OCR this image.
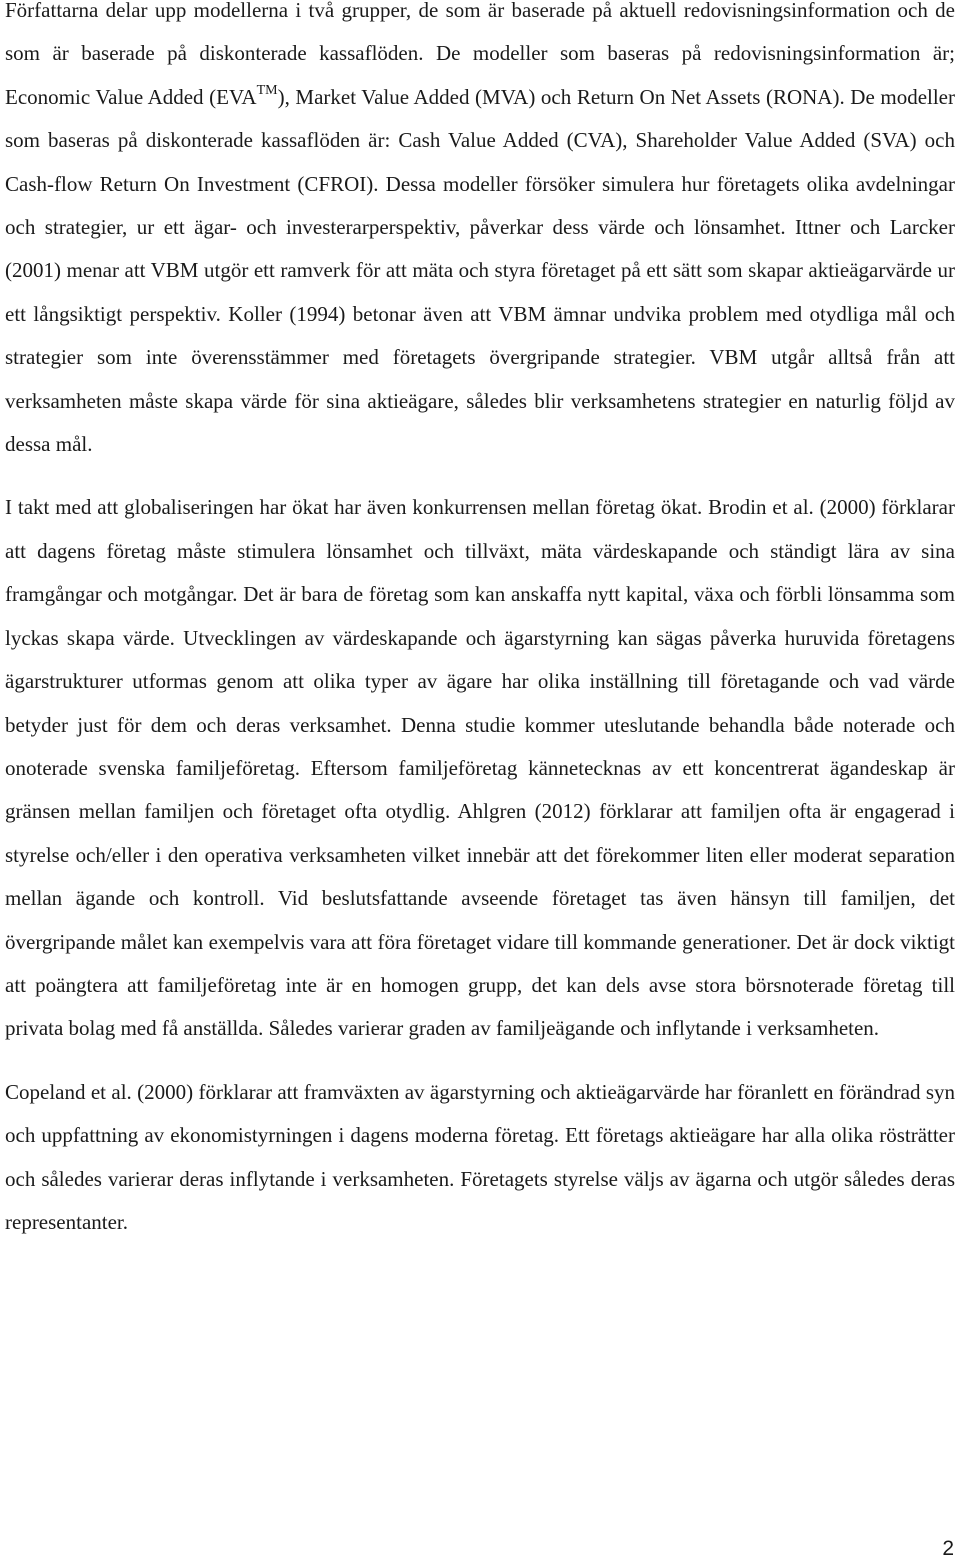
Författarna delar upp modellerna i två grupper, de som är baserade på aktuell redovisningsinformation och de som är baserade på diskonterade kassaflöden. De modeller som baseras på redovisningsinformation är; Economic Value Added (EVA™), Market Value Added (MVA) och Return On Net Assets (RONA). De modeller som baseras på diskonterade kassaflöden är: Cash Value Added (CVA), Shareholder Value Added (SVA) och Cash-flow Return On Investment (CFROI). Dessa modeller försöker simulera hur företagets olika avdelningar och strategier, ur ett ägar- och investerarperspektiv, påverkar dess värde och lönsamhet. Ittner och Larcker (2001) menar att VBM utgör ett ramverk för att mäta och styra företaget på ett sätt som skapar aktieägarvärde ur ett långsiktigt perspektiv. Koller (1994) betonar även att VBM ämnar undvika problem med otydliga mål och strategier som inte överensstämmer med företagets övergripande strategier. VBM utgår alltså från att verksamheten måste skapa värde för sina aktieägare, således blir verksamhetens strategier en naturlig följd av dessa mål.

I takt med att globaliseringen har ökat har även konkurrensen mellan företag ökat. Brodin et al. (2000) förklarar att dagens företag måste stimulera lönsamhet och tillväxt, mäta värdeskapande och ständigt lära av sina framgångar och motgångar. Det är bara de företag som kan anskaffa nytt kapital, växa och förbli lönsamma som lyckas skapa värde. Utvecklingen av värdeskapande och ägarstyrning kan sägas påverka huruvida företagens ägarstrukturer utformas genom att olika typer av ägare har olika inställning till företagande och vad värde betyder just för dem och deras verksamhet. Denna studie kommer uteslutande behandla både noterade och onoterade svenska familjeföretag. Eftersom familjeföretag kännetecknas av ett koncentrerat ägandeskap är gränsen mellan familjen och företaget ofta otydlig. Ahlgren (2012) förklarar att familjen ofta är engagerad i styrelse och/eller i den operativa verksamheten vilket innebär att det förekommer liten eller moderat separation mellan ägande och kontroll. Vid beslutsfattande avseende företaget tas även hänsyn till familjen, det övergripande målet kan exempelvis vara att föra företaget vidare till kommande generationer. Det är dock viktigt att poängtera att familjeföretag inte är en homogen grupp, det kan dels avse stora börsnoterade företag till privata bolag med få anställda. Således varierar graden av familjeägande och inflytande i verksamheten.

Copeland et al. (2000) förklarar att framväxten av ägarstyrning och aktieägarvärde har föranlett en förändrad syn och uppfattning av ekonomistyrningen i dagens moderna företag. Ett företags aktieägare har alla olika rösträtter och således varierar deras inflytande i verksamheten. Företagets styrelse väljs av ägarna och utgör således deras representanter.

2
